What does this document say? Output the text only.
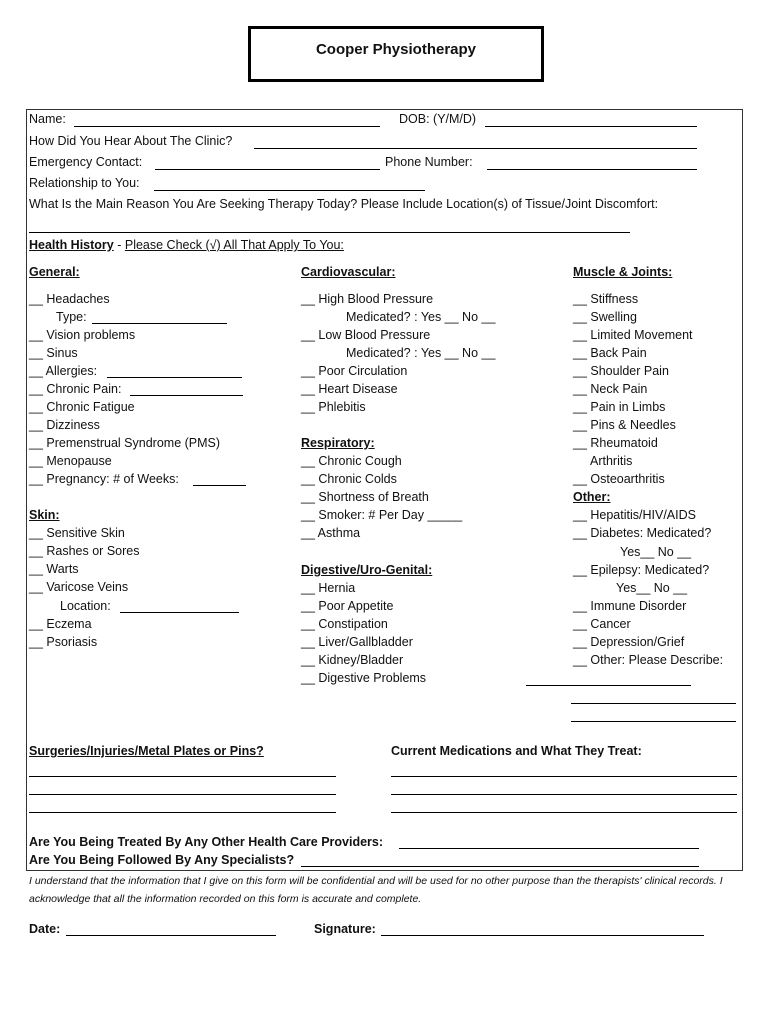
Cooper Physiotherapy
Name:	DOB: (Y/M/D)
How Did You Hear About The Clinic?
Emergency Contact:	Phone Number:
Relationship to You:
What Is the Main Reason You Are Seeking Therapy Today? Please Include Location(s) of Tissue/Joint Discomfort:
Health History - Please Check (√) All That Apply To You:
General:
__ Headaches
Type:
__ Vision problems
__ Sinus
__ Allergies:
__ Chronic Pain:
__ Chronic Fatigue
__ Dizziness
__ Premenstrual Syndrome (PMS)
__ Menopause
__ Pregnancy: # of Weeks:
Skin:
__ Sensitive Skin
__ Rashes or Sores
__ Warts
__ Varicose Veins
Location:
__ Eczema
__ Psoriasis
Cardiovascular:
__ High Blood Pressure
Medicated? : Yes __ No __
__ Low Blood Pressure
Medicated? : Yes __ No __
__ Poor Circulation
__ Heart Disease
__ Phlebitis
Respiratory:
__ Chronic Cough
__ Chronic Colds
__ Shortness of Breath
__ Smoker: # Per Day _____
__ Asthma
Digestive/Uro-Genital:
__ Hernia
__ Poor Appetite
__ Constipation
__ Liver/Gallbladder
__ Kidney/Bladder
__ Digestive Problems
Muscle & Joints:
__ Stiffness
__ Swelling
__ Limited Movement
__ Back Pain
__ Shoulder Pain
__ Neck Pain
__ Pain in Limbs
__ Pins & Needles
__ Rheumatoid
Arthritis
__ Osteoarthritis
Other:
__ Hepatitis/HIV/AIDS
__ Diabetes: Medicated?
Yes__ No __
__ Epilepsy: Medicated?
Yes__ No __
__ Immune Disorder
__ Cancer
__ Depression/Grief
__ Other: Please Describe:
Surgeries/Injuries/Metal Plates or Pins?	Current Medications and What They Treat:
Are You Being Treated By Any Other Health Care Providers:
Are You Being Followed By Any Specialists?
I understand that the information that I give on this form will be confidential and will be used for no other purpose than the therapists' clinical records. I acknowledge that all the information recorded on this form is accurate and complete.
Date:	Signature:
